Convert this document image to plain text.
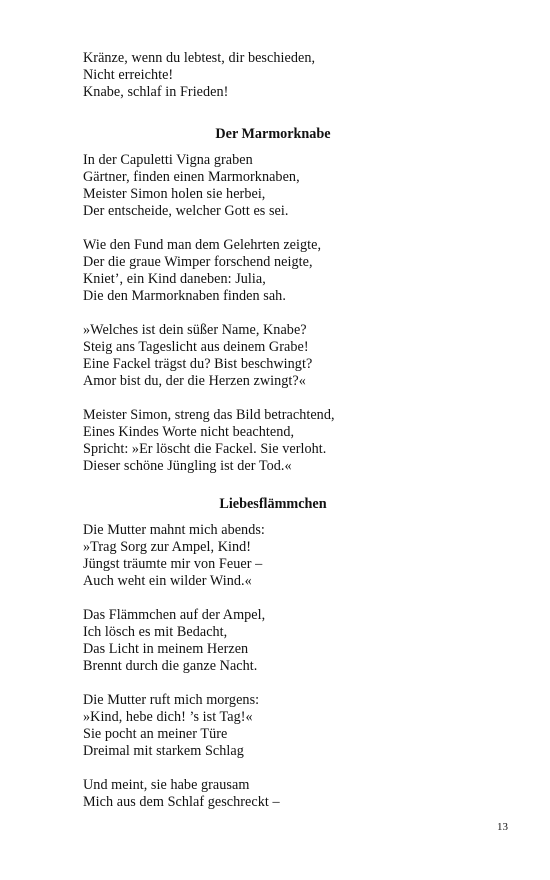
Kränze, wenn du lebtest, dir beschieden,
Nicht erreichte!
Knabe, schlaf in Frieden!
Der Marmorknabe
In der Capuletti Vigna graben
Gärtner, finden einen Marmorknaben,
Meister Simon holen sie herbei,
Der entscheide, welcher Gott es sei.
Wie den Fund man dem Gelehrten zeigte,
Der die graue Wimper forschend neigte,
Kniet’, ein Kind daneben: Julia,
Die den Marmorknaben finden sah.
»Welches ist dein süßer Name, Knabe?
Steig ans Tageslicht aus deinem Grabe!
Eine Fackel trägst du? Bist beschwingt?
Amor bist du, der die Herzen zwingt?«
Meister Simon, streng das Bild betrachtend,
Eines Kindes Worte nicht beachtend,
Spricht: »Er löscht die Fackel. Sie verloht.
Dieser schöne Jüngling ist der Tod.«
Liebesflämmchen
Die Mutter mahnt mich abends:
»Trag Sorg zur Ampel, Kind!
Jüngst träumte mir von Feuer –
Auch weht ein wilder Wind.«
Das Flämmchen auf der Ampel,
Ich lösch es mit Bedacht,
Das Licht in meinem Herzen
Brennt durch die ganze Nacht.
Die Mutter ruft mich morgens:
»Kind, hebe dich! ’s ist Tag!«
Sie pocht an meiner Türe
Dreimal mit starkem Schlag
Und meint, sie habe grausam
Mich aus dem Schlaf geschreckt –
13
